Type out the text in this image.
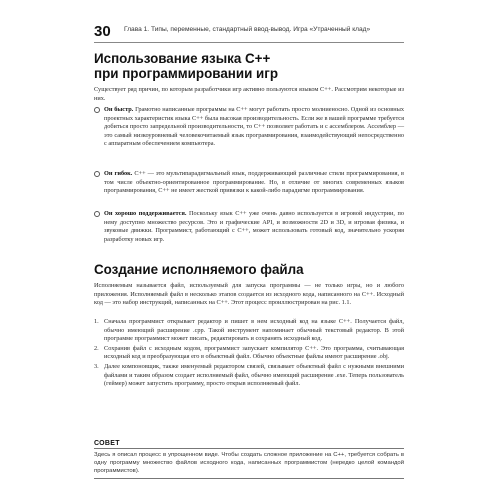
30 Глава 1. Типы, переменные, стандартный ввод-вывод. Игра «Утраченный клад»
Использование языка C++
при программировании игр

Существует ряд причин, по которым разработчики игр активно пользуются языком C++. Рассмотрим некоторые из них.

Он быстр. Грамотно написанные программы на C++ могут работать просто молниеносно. Одной из основных проектных характеристик языка C++ была высокая производительность. Если же в вашей программе требуется добиться просто запредельной производительности, то C++ позволяет работать и с ассемблером. Ассемблер — это самый низкоуровневый человекочитаемый язык программирования, взаимодействующий непосредственно с аппаратным обеспечением компьютера.
Он гибок. C++ — это мультипарадигмальный язык, поддерживающий различные стили программирования, в том числе объектно-ориентированное программирование. Но, в отличие от многих современных языков программирования, C++ не имеет жесткой привязки к какой-либо парадигме программирования.
Он хорошо поддерживается. Поскольку язык C++ уже очень давно используется в игровой индустрии, по нему доступно множество ресурсов. Это и графические API, и возможности 2D и 3D, и игровая физика, и звуковые движки. Программист, работающий с C++, может использовать готовый код, значительно ускоряя разработку новых игр.
Создание исполняемого файла

Исполняемым называется файл, используемый для запуска программы — не только игры, но и любого приложения. Исполняемый файл в несколько этапов создается из исходного кода, написанного на C++. Исходный код — это набор инструкций, написанных на C++. Этот процесс проиллюстрирован на рис. 1.1.

1. Сначала программист открывает редактор и пишет в нем исходный код на языке C++. Получается файл, обычно имеющий расширение .cpp. Такой инструмент напоминает обычный текстовый редактор. В этой программе программист может писать, редактировать и сохранять исходный код.
2. Сохранив файл с исходным кодом, программист запускает компилятор C++. Это программа, считывающая исходный код и преобразующая его в объектный файл. Обычно объектные файлы имеют расширение .obj.
3. Далее компоновщик, также именуемый редактором связей, связывает объектный файл с нужными внешними файлами и таким образом создает исполняемый файл, обычно имеющий расширение .exe. Теперь пользователь (геймер) может запустить программу, просто открыв исполняемый файл.
СОВЕТ
Здесь я описал процесс в упрощенном виде. Чтобы создать сложное приложение на C++, требуется собрать в одну программу множество файлов исходного кода, написанных программистом (нередко целой командой программистов).
